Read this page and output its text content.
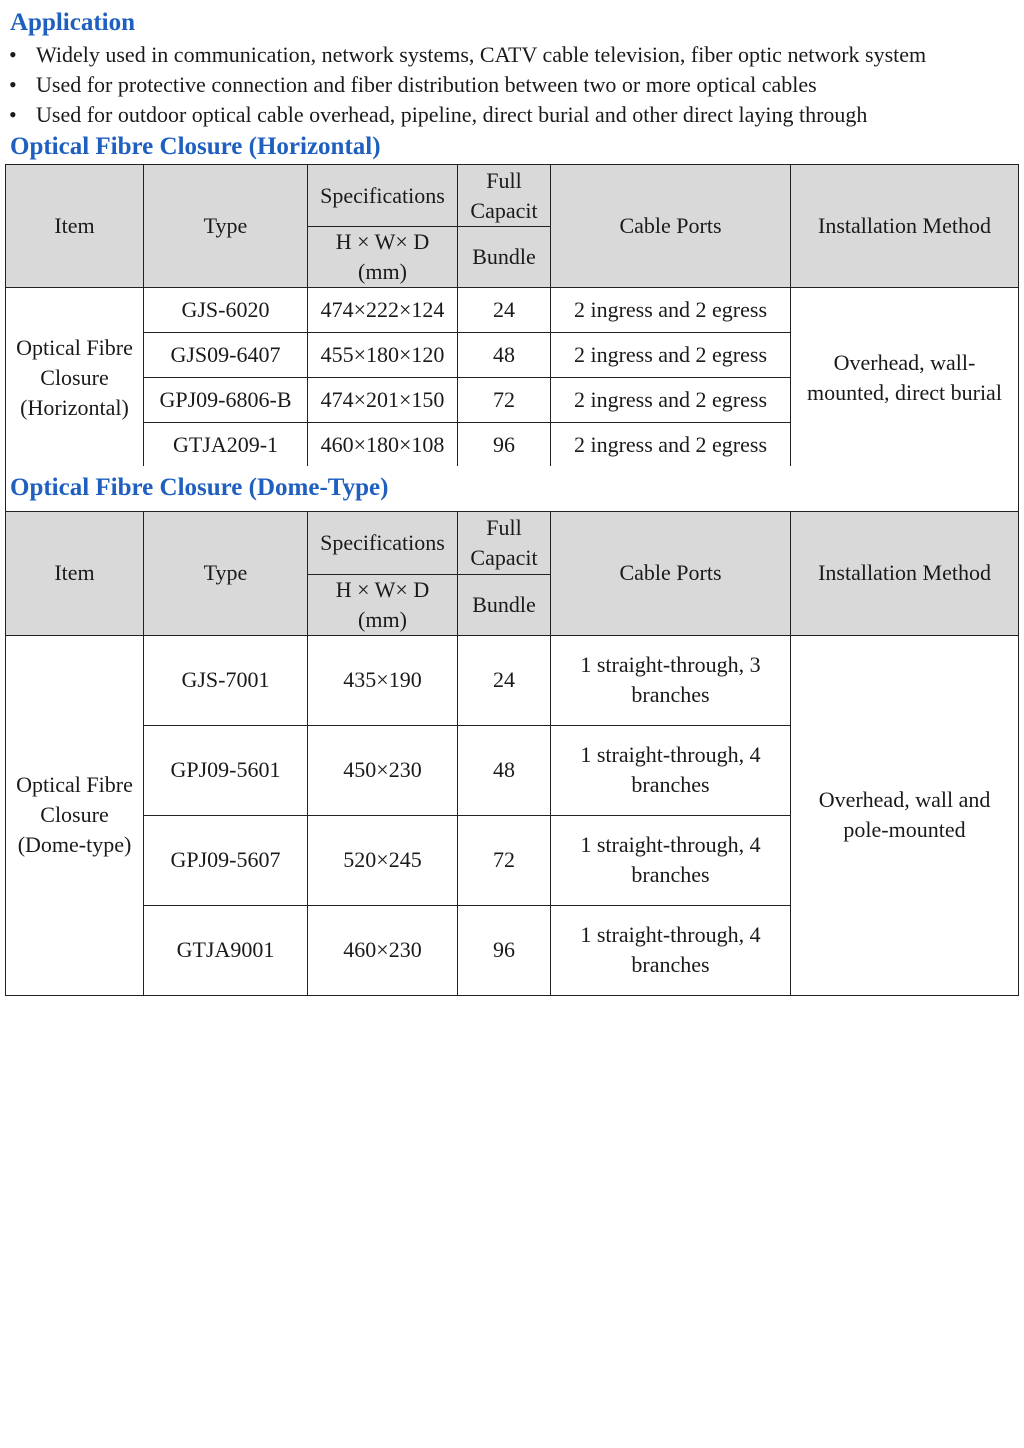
Application
• Widely used in communication, network systems, CATV cable television, fiber optic network system
• Used for protective connection and fiber distribution between two or more optical cables
• Used for outdoor optical cable overhead, pipeline, direct burial and other direct laying through
Optical Fibre Closure (Horizontal)
Item	Type	Specifications	Full Capacit	Cable Ports	Installation Method
		H × W× D (mm)	Bundle		
Optical Fibre Closure (Horizontal)	GJS-6020	474×222×124	24	2 ingress and 2 egress	Overhead, wall-mounted, direct burial
	GJS09-6407	455×180×120	48	2 ingress and 2 egress	
	GPJ09-6806-B	474×201×150	72	2 ingress and 2 egress	
	GTJA209-1	460×180×108	96	2 ingress and 2 egress	
Optical Fibre Closure (Dome-Type)					
Item	Type	Specifications	Full Capacit	Cable Ports	Installation Method
		H × W× D (mm)	Bundle		
Optical Fibre Closure (Dome-type)	GJS-7001	435×190	24	1 straight-through, 3 branches	Overhead, wall and pole-mounted
	GPJ09-5601	450×230	48	1 straight-through, 4 branches	
	GPJ09-5607	520×245	72	1 straight-through, 4 branches	
	GTJA9001	460×230	96	1 straight-through, 4 branches	
